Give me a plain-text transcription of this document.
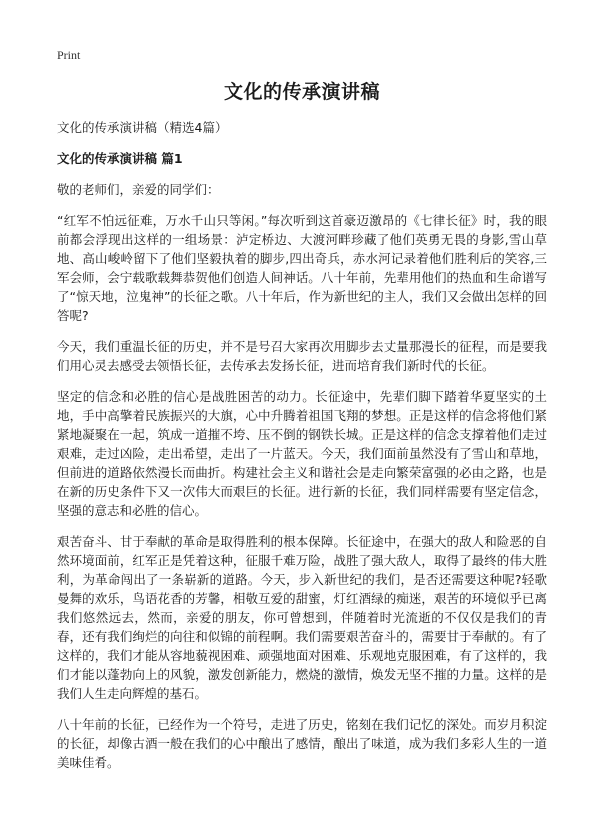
Print
文化的传承演讲稿
文化的传承演讲稿（精选4篇）
文化的传承演讲稿 篇1

敬的老师们，亲爱的同学们：

“红军不怕远征难，万水千山只等闲。”每次听到这首豪迈激昂的《七律长征》时，我的眼前都会浮现出这样的一组场景：泸定桥边、大渡河畔珍藏了他们英勇无畏的身影,雪山草地、高山峻岭留下了他们坚毅执着的脚步,四出奇兵，赤水河记录着他们胜利后的笑容,三军会师，会宁载歌载舞恭贺他们创造人间神话。八十年前，先辈用他们的热血和生命谱写了“惊天地，泣鬼神”的长征之歌。八十年后，作为新世纪的主人，我们又会做出怎样的回答呢?

今天，我们重温长征的历史，并不是号召大家再次用脚步去丈量那漫长的征程，而是要我们用心灵去感受去领悟长征，去传承去发扬长征，进而培育我们新时代的长征。

坚定的信念和必胜的信心是战胜困苦的动力。长征途中，先辈们脚下踏着华夏坚实的土地，手中高擎着民族振兴的大旗，心中升腾着祖国飞翔的梦想。正是这样的信念将他们紧紧地凝聚在一起，筑成一道摧不垮、压不倒的钢铁长城。正是这样的信念支撑着他们走过艰难，走过凶险，走出希望，走出了一片蓝天。今天，我们面前虽然没有了雪山和草地，但前进的道路依然漫长而曲折。构建社会主义和谐社会是走向繁荣富强的必由之路，也是在新的历史条件下又一次伟大而艰巨的长征。进行新的长征，我们同样需要有坚定信念，坚强的意志和必胜的信心。

艰苦奋斗、甘于奉献的革命是取得胜利的根本保障。长征途中，在强大的敌人和险恶的自然环境面前，红军正是凭着这种，征服千难万险，战胜了强大敌人，取得了最终的伟大胜利，为革命闯出了一条崭新的道路。今天，步入新世纪的我们，是否还需要这种呢?轻歌曼舞的欢乐，鸟语花香的芳馨，相敬互爱的甜蜜，灯红酒绿的痴迷，艰苦的环境似乎已离我们悠然远去，然而，亲爱的朋友，你可曾想到，伴随着时光流逝的不仅仅是我们的青春，还有我们绚烂的向往和似锦的前程啊。我们需要艰苦奋斗的，需要甘于奉献的。有了这样的，我们才能从容地藐视困难、顽强地面对困难、乐观地克服困难，有了这样的，我们才能以蓬勃向上的风貌，激发创新能力，燃烧的激情，焕发无坚不摧的力量。这样的是我们人生走向辉煌的基石。

八十年前的长征，已经作为一个符号，走进了历史，铭刻在我们记忆的深处。而岁月积淀的长征，却像古酒一般在我们的心中酿出了感情，酿出了味道，成为我们多彩人生的一道美味佳肴。
